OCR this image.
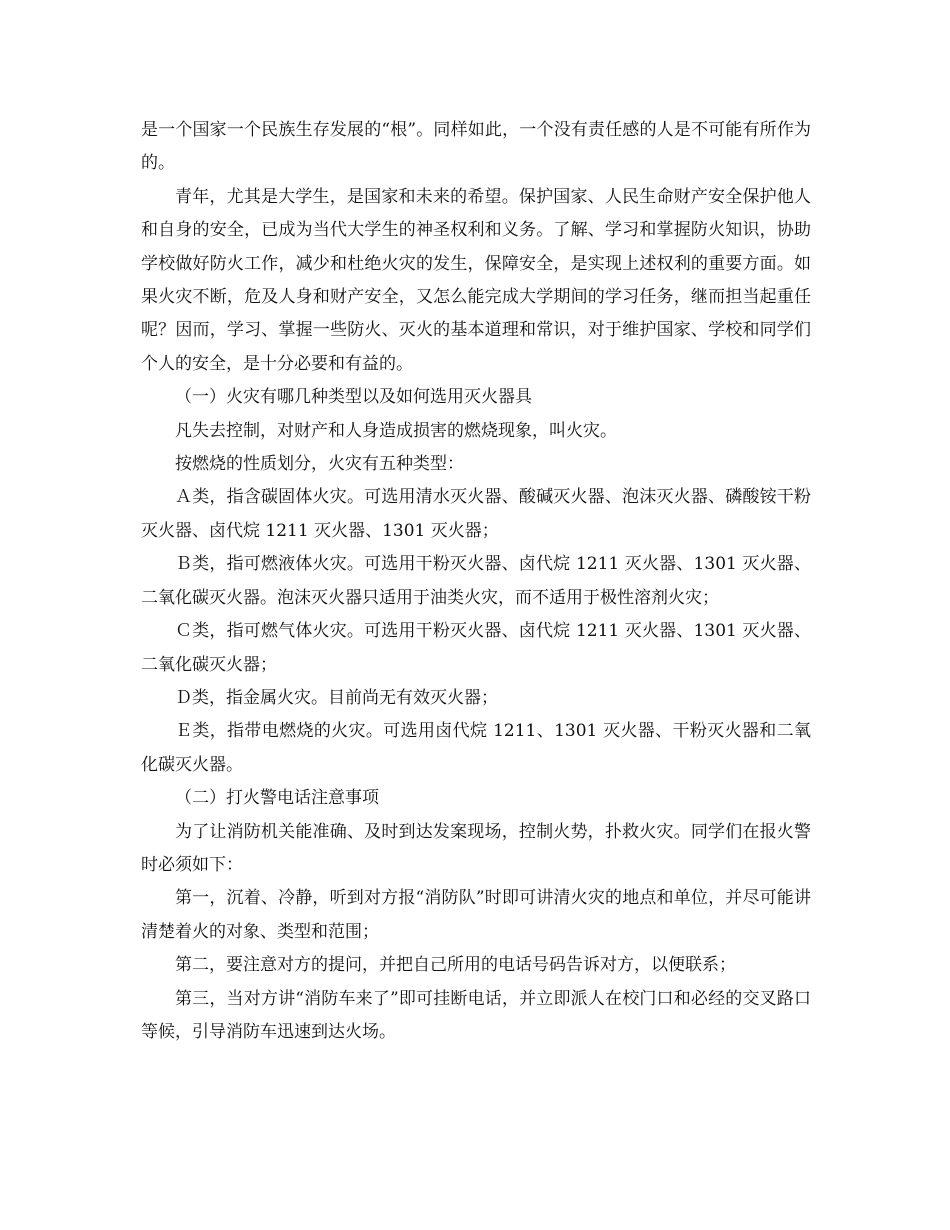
是一个国家一个民族生存发展的“根”。同样如此，一个没有责任感的人是不可能有所作为的。

青年，尤其是大学生，是国家和未来的希望。保护国家、人民生命财产安全保护他人和自身的安全，已成为当代大学生的神圣权利和义务。了解、学习和掌握防火知识，协助学校做好防火工作，减少和杜绝火灾的发生，保障安全，是实现上述权利的重要方面。如果火灾不断，危及人身和财产安全，又怎么能完成大学期间的学习任务，继而担当起重任呢？因而，学习、掌握一些防火、灭火的基本道理和常识，对于维护国家、学校和同学们个人的安全，是十分必要和有益的。

（一）火灾有哪几种类型以及如何选用灭火器具

凡失去控制，对财产和人身造成损害的燃烧现象，叫火灾。

按燃烧的性质划分，火灾有五种类型：

Ａ类，指含碳固体火灾。可选用清水灭火器、酸碱灭火器、泡沫灭火器、磷酸铵干粉灭火器、卤代烷 1211 灭火器、1301 灭火器；

Ｂ类，指可燃液体火灾。可选用干粉灭火器、卤代烷 1211 灭火器、1301 灭火器、二氧化碳灭火器。泡沫灭火器只适用于油类火灾，而不适用于极性溶剂火灾；

Ｃ类，指可燃气体火灾。可选用干粉灭火器、卤代烷 1211 灭火器、1301 灭火器、二氧化碳灭火器；

Ｄ类，指金属火灾。目前尚无有效灭火器；

Ｅ类，指带电燃烧的火灾。可选用卤代烷 1211、1301 灭火器、干粉灭火器和二氧化碳灭火器。

（二）打火警电话注意事项

为了让消防机关能准确、及时到达发案现场，控制火势，扑救火灾。同学们在报火警时必须如下：

第一，沉着、冷静，听到对方报“消防队”时即可讲清火灾的地点和单位，并尽可能讲清楚着火的对象、类型和范围；

第二，要注意对方的提问，并把自己所用的电话号码告诉对方，以便联系；

第三，当对方讲“消防车来了”即可挂断电话，并立即派人在校门口和必经的交叉路口等候，引导消防车迅速到达火场。
